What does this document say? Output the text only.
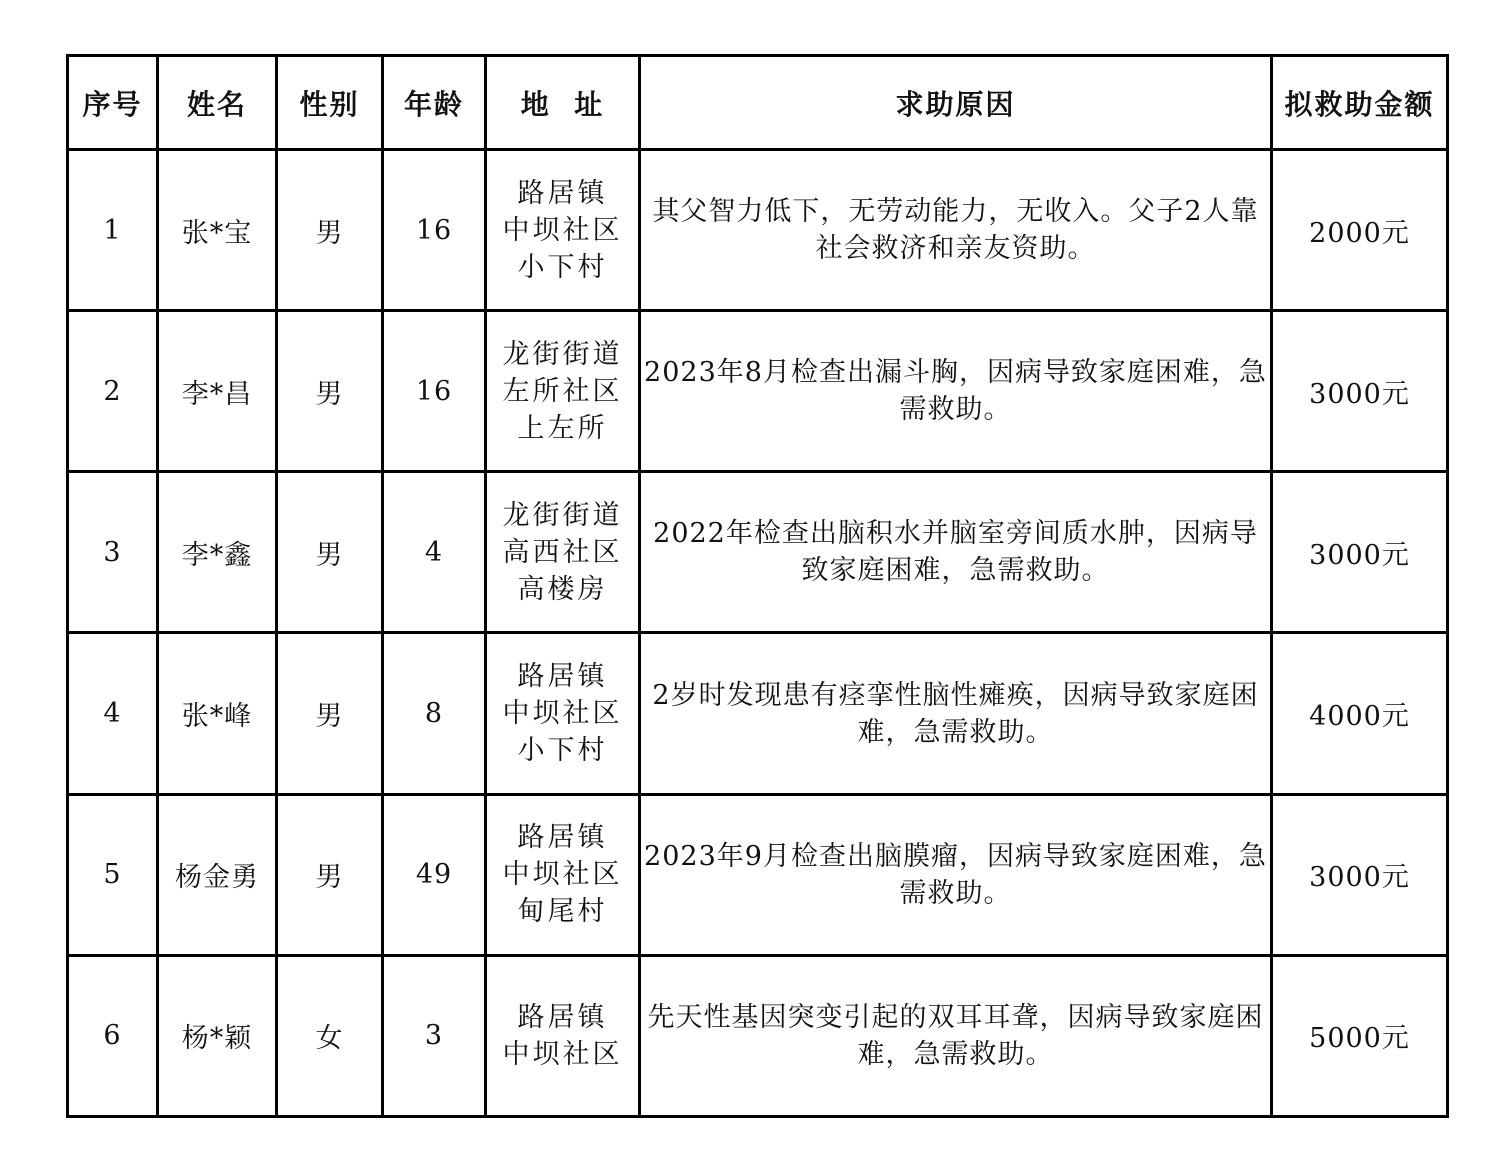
序号	姓名	性别	年龄	地  址	求助原因	拟救助金额
1	张*宝	男	16	路居镇
中坝社区
小下村	其父智力低下，无劳动能力，无收入。父子2人靠社会救济和亲友资助。	2000元
2	李*昌	男	16	龙街街道
左所社区
上左所	2023年8月检查出漏斗胸，因病导致家庭困难，急需救助。	3000元
3	李*鑫	男	4	龙街街道
高西社区
高楼房	2022年检查出脑积水并脑室旁间质水肿，因病导致家庭困难，急需救助。	3000元
4	张*峰	男	8	路居镇
中坝社区
小下村	2岁时发现患有痉挛性脑性瘫痪，因病导致家庭困难，急需救助。	4000元
5	杨金勇	男	49	路居镇
中坝社区
甸尾村	2023年9月检查出脑膜瘤，因病导致家庭困难，急需救助。	3000元
6	杨*颖	女	3	路居镇
中坝社区	先天性基因突变引起的双耳耳聋，因病导致家庭困难，急需救助。	5000元
